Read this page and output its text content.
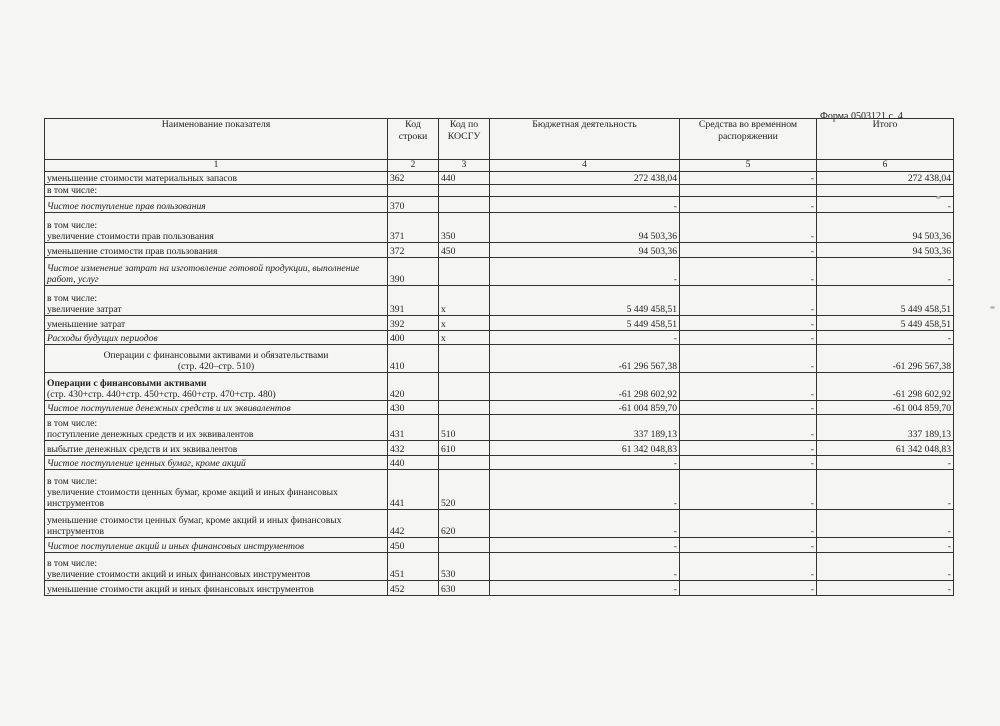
Форма 0503121 с. 4
Наименование показателя	Код строки	Код по КОСГУ	Бюджетная деятельность	Средства во временном распоряжении	Итого
1	2	3	4	5	6
уменьшение стоимости материальных запасов	362	440	272 438,04	-	272 438,04
в том числе:					
Чистое поступление прав пользования	370		-	-	-

в том числе:
увеличение стоимости прав пользования	371	350	94 503,36	-	94 503,36
уменьшение стоимости прав пользования	372	450	94 503,36	-	94 503,36
Чистое изменение затрат на изготовление готовой продукции, выполнение работ, услуг	390		-	-	-

в том числе:
увеличение затрат	391	x	5 449 458,51	-	5 449 458,51
уменьшение затрат	392	x	5 449 458,51	-	5 449 458,51
Расходы будущих периодов	400	x	-	-	-

Операции с финансовыми активами и обязательствами
(стр. 420–стр. 510)	410		-61 296 567,38	-	-61 296 567,38

Операции с финансовыми активами
(стр. 430+стр. 440+стр. 450+стр. 460+стр. 470+стр. 480)	420		-61 298 602,92	-	-61 298 602,92
Чистое поступление денежных средств и их эквивалентов	430		-61 004 859,70	-	-61 004 859,70

в том числе:
поступление денежных средств и их эквивалентов	431	510	337 189,13	-	337 189,13
выбытие денежных средств и их эквивалентов	432	610	61 342 048,83	-	61 342 048,83
Чистое поступление ценных бумаг, кроме акций	440		-	-	-

в том числе:
увеличение стоимости ценных бумаг, кроме акций и иных финансовых инструментов	441	520	-	-	-
уменьшение стоимости ценных бумаг, кроме акций и иных финансовых инструментов	442	620	-	-	-
Чистое поступление акций и иных финансовых инструментов	450		-	-	-

в том числе:
увеличение стоимости акций и иных финансовых инструментов	451	530	-	-	-
уменьшение стоимости акций и иных финансовых инструментов	452	630	-	-	-
